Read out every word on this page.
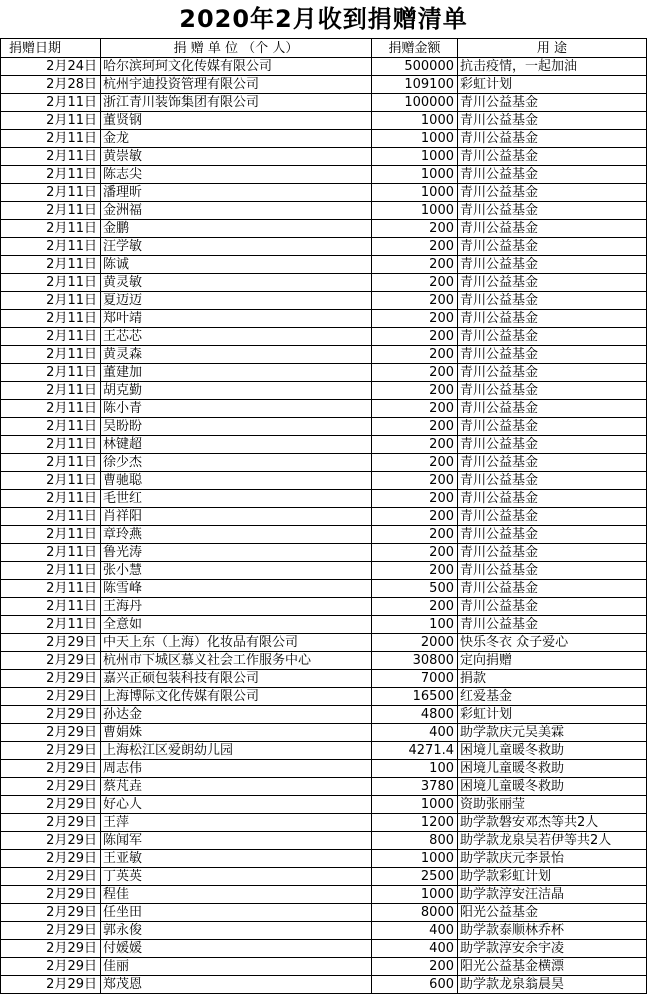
2020年2月收到捐赠清单
捐赠日期	捐 赠 单 位 （个 人）	捐赠金额	用 途
2月24日	哈尔滨珂珂文化传媒有限公司	500000	抗击疫情，一起加油
2月28日	杭州宇迪投资管理有限公司	109100	彩虹计划
2月11日	浙江青川装饰集团有限公司	100000	青川公益基金
2月11日	董贤钢	1000	青川公益基金
2月11日	金龙	1000	青川公益基金
2月11日	黄崇敏	1000	青川公益基金
2月11日	陈志尖	1000	青川公益基金
2月11日	潘理昕	1000	青川公益基金
2月11日	金洲福	1000	青川公益基金
2月11日	金鹏	200	青川公益基金
2月11日	汪学敏	200	青川公益基金
2月11日	陈诚	200	青川公益基金
2月11日	黄灵敏	200	青川公益基金
2月11日	夏迈迈	200	青川公益基金
2月11日	郑叶靖	200	青川公益基金
2月11日	王芯芯	200	青川公益基金
2月11日	黄灵森	200	青川公益基金
2月11日	董建加	200	青川公益基金
2月11日	胡克勤	200	青川公益基金
2月11日	陈小青	200	青川公益基金
2月11日	吴盼盼	200	青川公益基金
2月11日	林键超	200	青川公益基金
2月11日	徐少杰	200	青川公益基金
2月11日	曹驰聪	200	青川公益基金
2月11日	毛世红	200	青川公益基金
2月11日	肖祥阳	200	青川公益基金
2月11日	章玲燕	200	青川公益基金
2月11日	鲁光涛	200	青川公益基金
2月11日	张小慧	200	青川公益基金
2月11日	陈雪峰	500	青川公益基金
2月11日	王海丹	200	青川公益基金
2月11日	全意如	100	青川公益基金
2月29日	中天上东（上海）化妆品有限公司	2000	快乐冬衣 众子爱心
2月29日	杭州市下城区慕义社会工作服务中心	30800	定向捐赠
2月29日	嘉兴正硕包装科技有限公司	7000	捐款
2月29日	上海博际文化传媒有限公司	16500	红爱基金
2月29日	孙达金	4800	彩虹计划
2月29日	曹娟姝	400	助学款庆元吴美霖
2月29日	上海松江区爱朗幼儿园	4271.4	困境儿童暖冬救助
2月29日	周志伟	100	困境儿童暖冬救助
2月29日	蔡芃垚	3780	困境儿童暖冬救助
2月29日	好心人	1000	资助张丽莹
2月29日	王萍	1200	助学款磐安邓杰等共2人
2月29日	陈闻军	800	助学款龙泉吴若伊等共2人
2月29日	王亚敏	1000	助学款庆元李景怡
2月29日	丁英英	2500	助学款彩虹计划
2月29日	程佳	1000	助学款淳安汪洁晶
2月29日	任坐田	8000	阳光公益基金
2月29日	郭永俊	400	助学款泰顺林乔杯
2月29日	付媛媛	400	助学款淳安余宇凌
2月29日	佳丽	200	阳光公益基金横漂
2月29日	郑茂恩	600	助学款龙泉翁晨昊
